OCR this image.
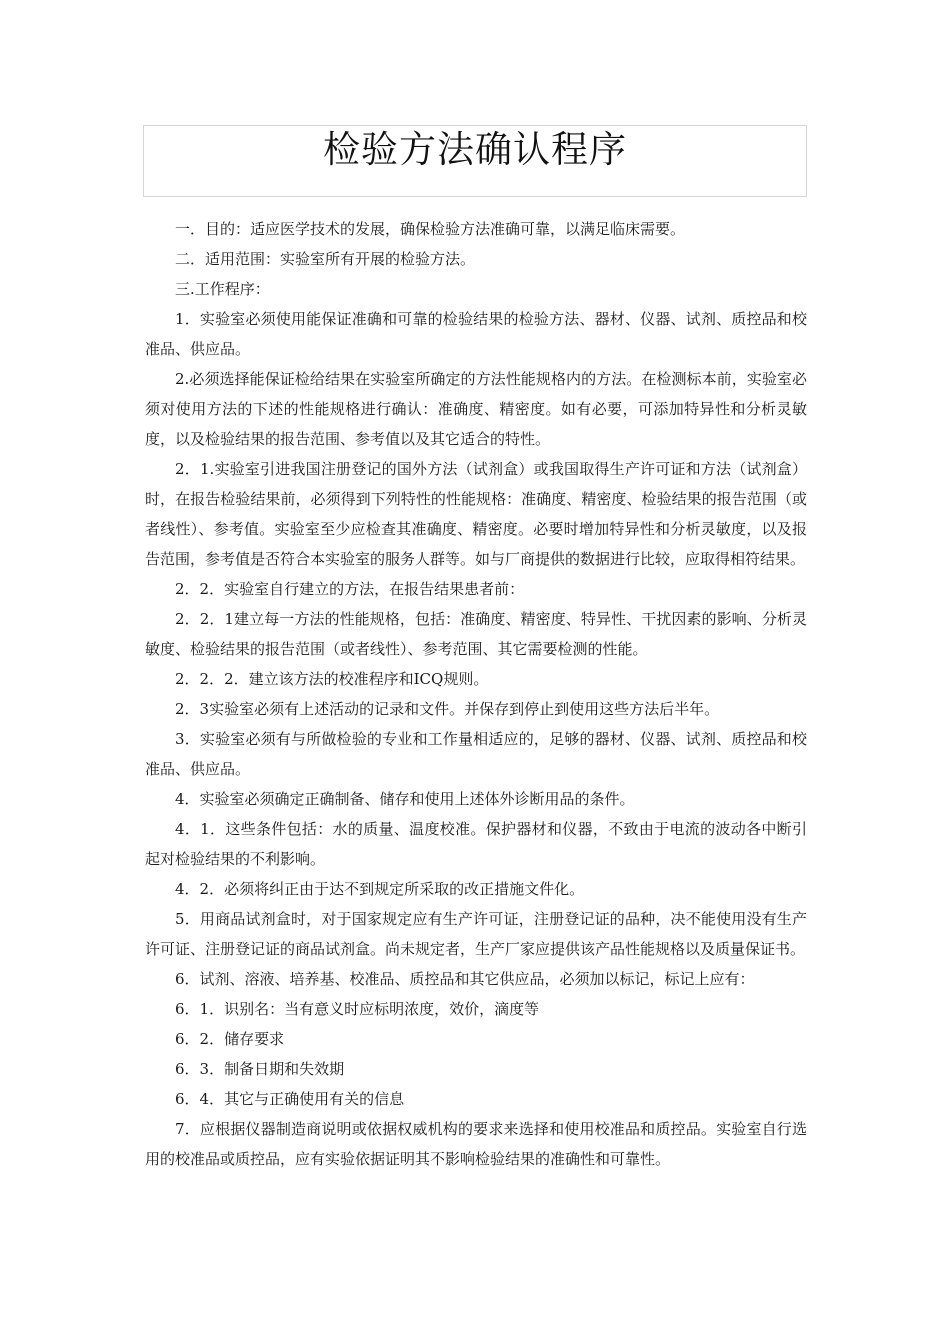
检验方法确认程序

一．目的：适应医学技术的发展，确保检验方法准确可靠，以满足临床需要。

二．适用范围：实验室所有开展的检验方法。

三.工作程序：

1．实验室必须使用能保证准确和可靠的检验结果的检验方法、器材、仪器、试剂、质控品和校准品、供应品。

2.必须选择能保证检给结果在实验室所确定的方法性能规格内的方法。在检测标本前，实验室必须对使用方法的下述的性能规格进行确认：准确度、精密度。如有必要，可添加特异性和分析灵敏度，以及检验结果的报告范围、参考值以及其它适合的特性。

2．1.实验室引进我国注册登记的国外方法（试剂盒）或我国取得生产许可证和方法（试剂盒）时，在报告检验结果前，必须得到下列特性的性能规格：准确度、精密度、检验结果的报告范围（或者线性）、参考值。实验室至少应检查其准确度、精密度。必要时增加特异性和分析灵敏度，以及报告范围，参考值是否符合本实验室的服务人群等。如与厂商提供的数据进行比较，应取得相符结果。

2．2．实验室自行建立的方法，在报告结果患者前：

2．2．1建立每一方法的性能规格，包括：准确度、精密度、特异性、干扰因素的影响、分析灵敏度、检验结果的报告范围（或者线性）、参考范围、其它需要检测的性能。

2．2．2．建立该方法的校准程序和ICQ规则。

2．3实验室必须有上述活动的记录和文件。并保存到停止到使用这些方法后半年。

3．实验室必须有与所做检验的专业和工作量相适应的，足够的器材、仪器、试剂、质控品和校准品、供应品。

4．实验室必须确定正确制备、储存和使用上述体外诊断用品的条件。

4．1．这些条件包括：水的质量、温度校准。保护器材和仪器，不致由于电流的波动各中断引起对检验结果的不利影响。

4．2．必须将纠正由于达不到规定所采取的改正措施文件化。

5．用商品试剂盒时，对于国家规定应有生产许可证，注册登记证的品种，决不能使用没有生产许可证、注册登记证的商品试剂盒。尚未规定者，生产厂家应提供该产品性能规格以及质量保证书。

6．试剂、溶液、培养基、校准品、质控品和其它供应品，必须加以标记，标记上应有：

6．1．识别名：当有意义时应标明浓度，效价，滴度等

6．2．储存要求

6．3．制备日期和失效期

6．4．其它与正确使用有关的信息

7．应根据仪器制造商说明或依据权威机构的要求来选择和使用校准品和质控品。实验室自行选用的校准品或质控品，应有实验依据证明其不影响检验结果的准确性和可靠性。
